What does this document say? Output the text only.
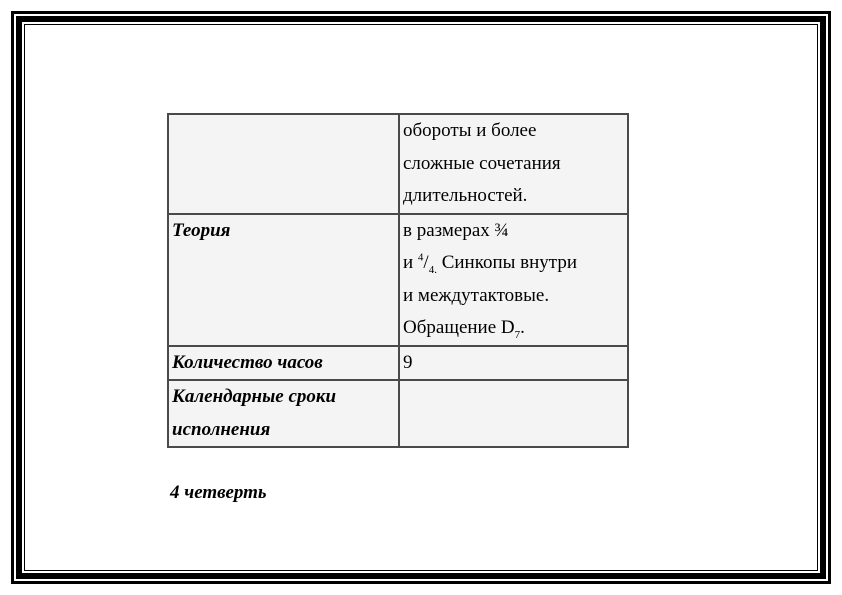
	обороты и более
сложные сочетания
длительностей.

Теория	в размерах ¾
и $^4/_{4.}$ Синкопы внутри
и междутактовые.
Обращение $D_7$.

Количество часов	9

Календарные сроки
исполнения	

4 четверть
